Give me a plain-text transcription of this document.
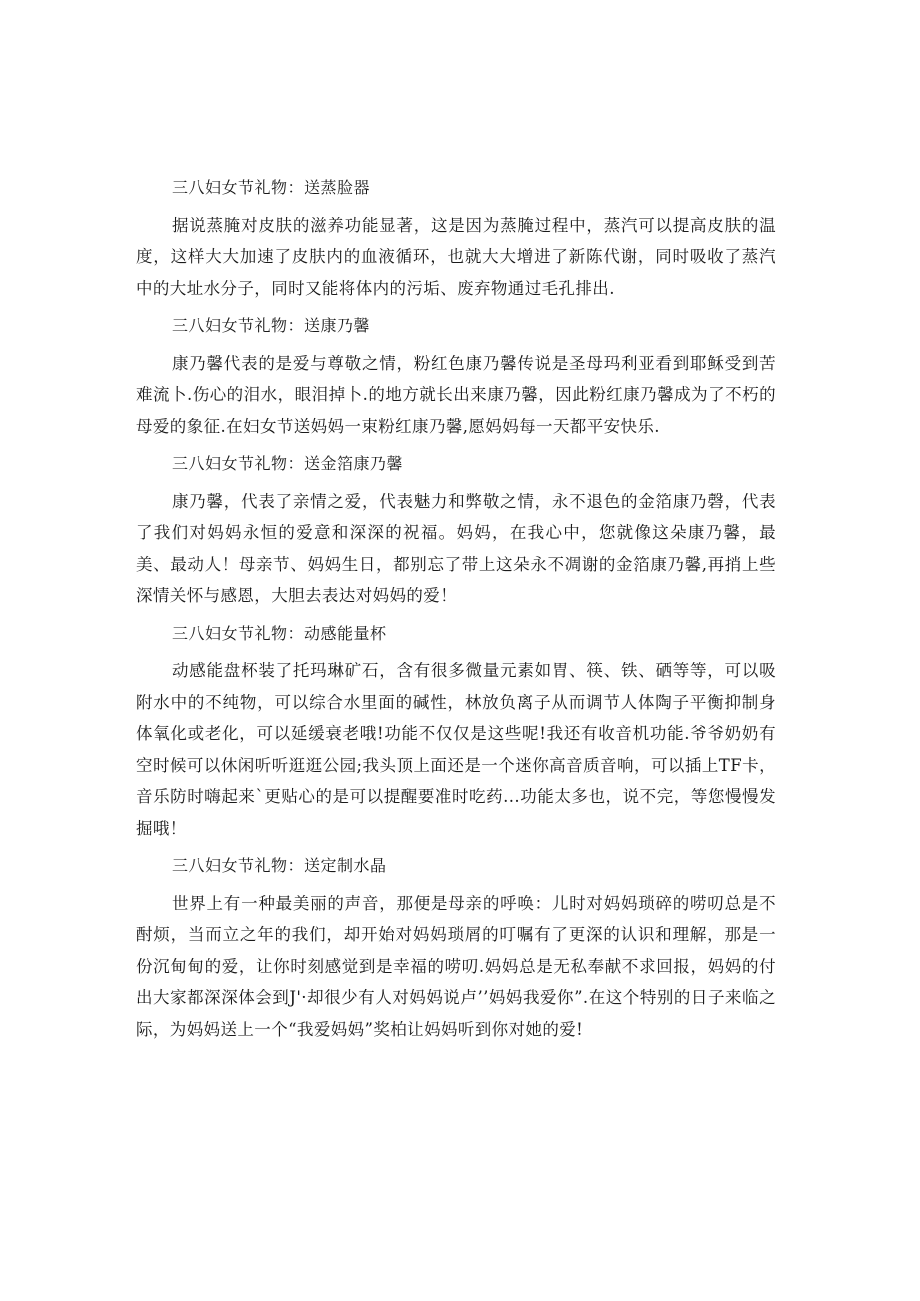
三八妇女节礼物：送蒸脸器

据说蒸腌对皮肤的滋养功能显著，这是因为蒸腌过程中，蒸汽可以提高皮肤的温度，这样大大加速了皮肤内的血液循环，也就大大增进了新陈代谢，同时吸收了蒸汽中的大址水分子，同时又能将体内的污垢、废弃物通过毛孔排出.

三八妇女节礼物：送康乃馨

康乃馨代表的是爱与尊敬之情，粉红色康乃馨传说是圣母玛利亚看到耶稣受到苦难流卜.伤心的泪水，眼泪掉卜.的地方就长出来康乃馨，因此粉红康乃馨成为了不朽的母爱的象征.在妇女节送妈妈一束粉红康乃馨,愿妈妈每一天都平安快乐.

三八妇女节礼物：送金箔康乃馨

康乃馨，代表了亲情之爱，代表魅力和弊敬之情，永不退色的金箔康乃磬，代表了我们对妈妈永恒的爱意和深深的祝福。妈妈，在我心中，您就像这朵康乃馨，最美、最动人！母亲节、妈妈生日，都别忘了带上这朵永不凋谢的金箔康乃馨,再捎上些深情关怀与感恩，大胆去表达对妈妈的爱！

三八妇女节礼物：动感能量杯

动感能盘杯装了托玛琳矿石，含有很多微量元素如胃、筷、铁、硒等等，可以吸附水中的不纯物，可以综合水里面的碱性，林放负离子从而调节人体陶子平衡抑制身体氧化或老化，可以延缓衰老哦!功能不仅仅是这些呢!我还有收音机功能.爷爷奶奶有空时候可以休闲听听逛逛公园;我头顶上面还是一个迷你高音质音响，可以插上TF卡，音乐防时嗨起来`更贴心的是可以提醒要准时吃药...功能太多也，说不完，等您慢慢发掘哦！

三八妇女节礼物：送定制水晶

世界上有一种最美丽的声音，那便是母亲的呼唤：儿时对妈妈琐碎的唠叨总是不酎烦，当而立之年的我们，却开始对妈妈琐屑的叮嘱有了更深的认识和理解，那是一份沉甸甸的爱，让你时刻感觉到是幸福的唠叨.妈妈总是无私奉献不求回报，妈妈的付出大家都深深体会到J'·却很少有人对妈妈说卢’’妈妈我爱你”.在这个特别的日子来临之际，为妈妈送上一个“我爱妈妈”奖柏让妈妈听到你对她的爱!
